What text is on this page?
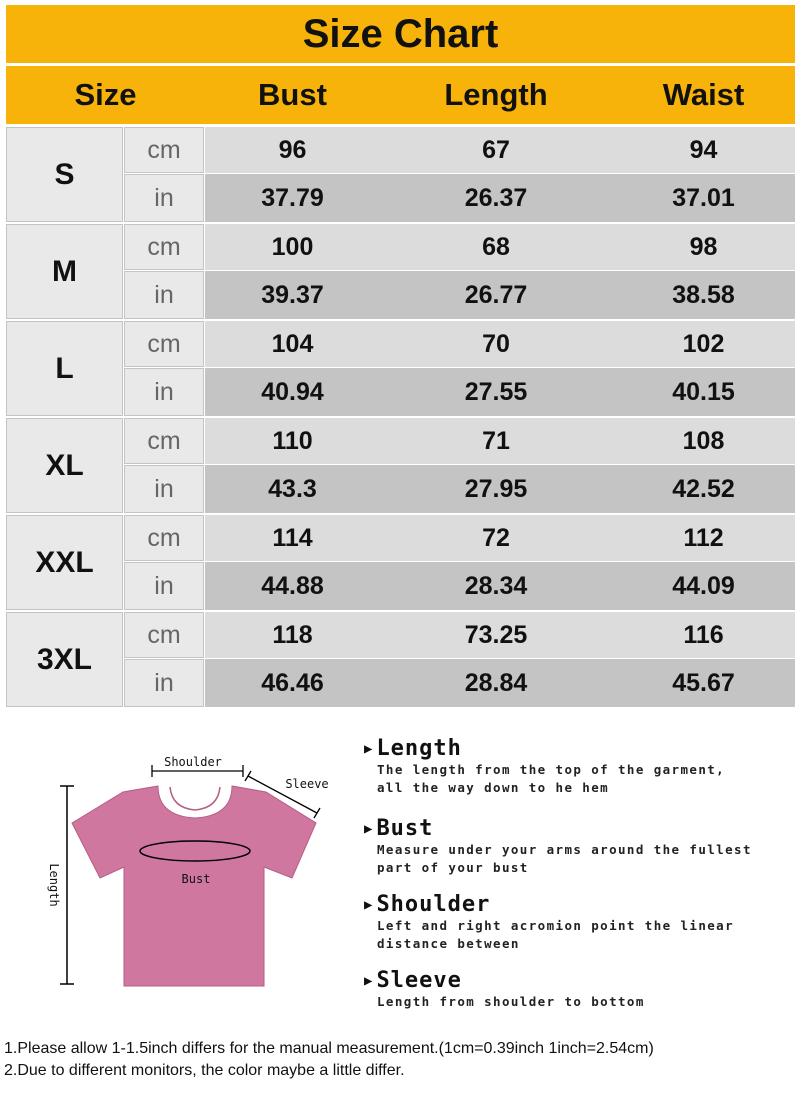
Size Chart
Size	Bust	Length	Waist
S
cm	96	67	94
in	37.79	26.37	37.01
M
cm	100	68	98
in	39.37	26.77	38.58
L
cm	104	70	102
in	40.94	27.55	40.15
XL
cm	110	71	108
in	43.3	27.95	42.52
XXL
cm	114	72	112
in	44.88	28.34	44.09
3XL
cm	118	73.25	116
in	46.46	28.84	45.67
Shoulder
Sleeve
Bust
Length
▶ Length
The length from the top of the garment,
all the way down to he hem
▶ Bust
Measure under your arms around the fullest
part of your bust
▶ Shoulder
Left and right acromion point the linear
distance between
▶ Sleeve
Length from shoulder to bottom
1.Please allow 1-1.5inch differs for the manual measurement.(1cm=0.39inch 1inch=2.54cm)
2.Due to different monitors, the color maybe a little differ.
